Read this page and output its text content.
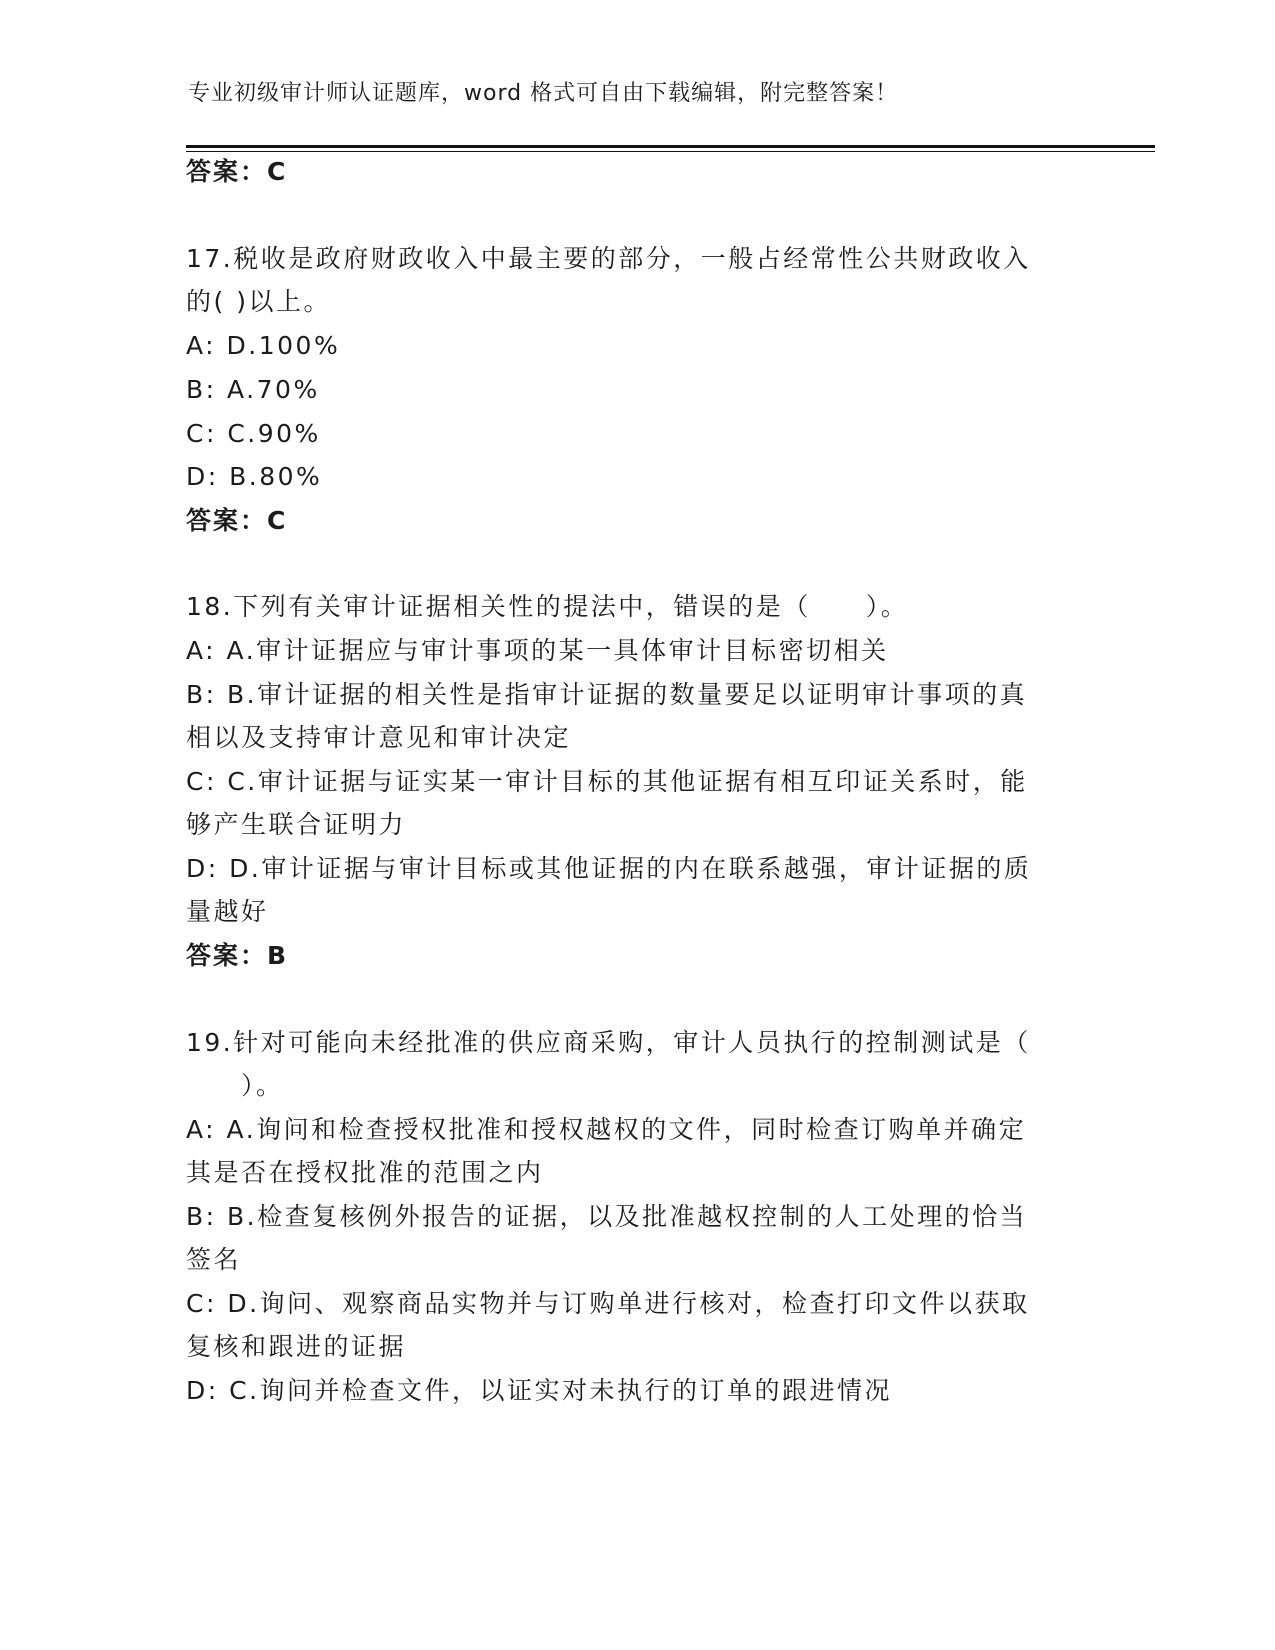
专业初级审计师认证题库，word 格式可自由下载编辑，附完整答案！
答案：C
17.税收是政府财政收入中最主要的部分，一般占经常性公共财政收入
的( )以上。
A: D.100%
B: A.70%
C: C.90%
D: B.80%
答案：C
18.下列有关审计证据相关性的提法中，错误的是（　　）。
A: A.审计证据应与审计事项的某一具体审计目标密切相关
B: B.审计证据的相关性是指审计证据的数量要足以证明审计事项的真
相以及支持审计意见和审计决定
C: C.审计证据与证实某一审计目标的其他证据有相互印证关系时，能
够产生联合证明力
D: D.审计证据与审计目标或其他证据的内在联系越强，审计证据的质
量越好
答案：B
19.针对可能向未经批准的供应商采购，审计人员执行的控制测试是（
　　）。
A: A.询问和检查授权批准和授权越权的文件，同时检查订购单并确定
其是否在授权批准的范围之内
B: B.检查复核例外报告的证据，以及批准越权控制的人工处理的恰当
签名
C: D.询问、观察商品实物并与订购单进行核对，检查打印文件以获取
复核和跟进的证据
D: C.询问并检查文件，以证实对未执行的订单的跟进情况
